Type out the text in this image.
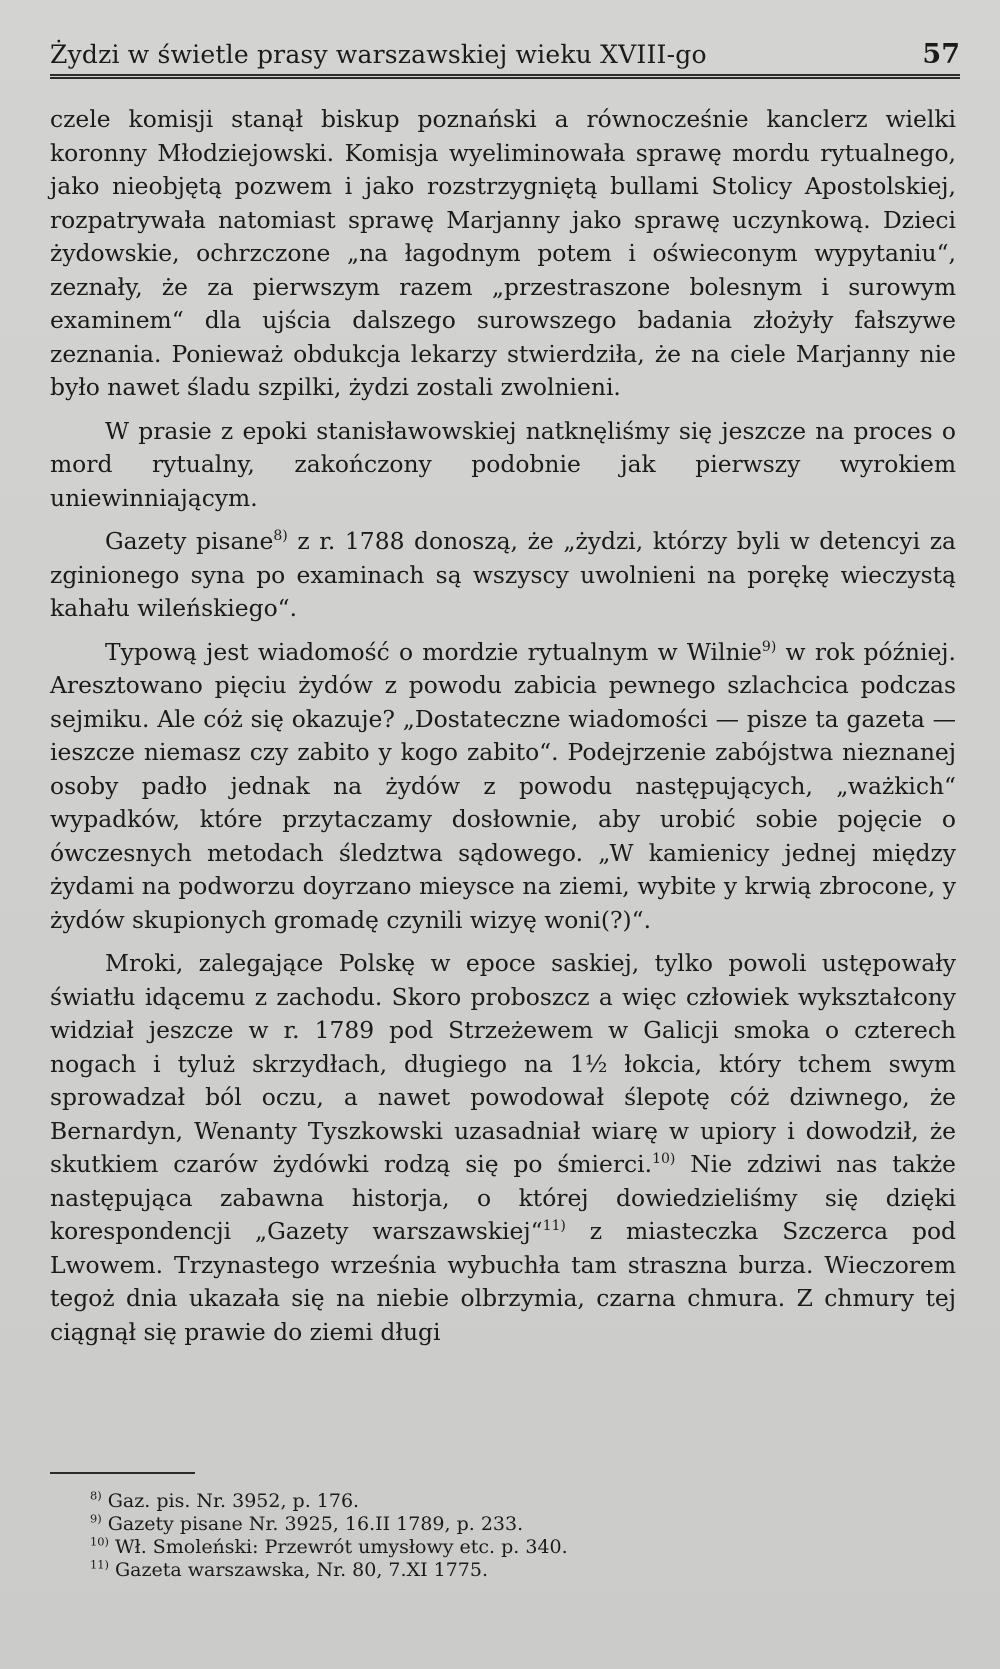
Żydzi w świetle prasy warszawskiej wieku XVIII-go	57

czele komisji stanął biskup poznański a równocześnie kanclerz wielki koronny Młodziejowski. Komisja wyeliminowała sprawę mordu rytualnego, jako nieobjętą pozwem i jako rozstrzygniętą bullami Stolicy Apostolskiej, rozpatrywała natomiast sprawę Marjanny jako sprawę uczynkową. Dzieci żydowskie, ochrzczone „na łagodnym potem i oświeconym wypytaniu“, zeznały, że za pierwszym razem „przestraszone bolesnym i surowym examinem“ dla ujścia dalszego surowszego badania złożyły fałszywe zeznania. Ponieważ obdukcja lekarzy stwierdziła, że na ciele Marjanny nie było nawet śladu szpilki, żydzi zostali zwolnieni.

W prasie z epoki stanisławowskiej natknęliśmy się jeszcze na proces o mord rytualny, zakończony podobnie jak pierwszy wyrokiem uniewinniającym.

Gazety pisane$^{8)}$ z r. 1788 donoszą, że „żydzi, którzy byli w detencyi za zginionego syna po examinach są wszyscy uwolnieni na porękę wieczystą kahału wileńskiego“.

Typową jest wiadomość o mordzie rytualnym w Wilnie$^{9)}$ w rok później. Aresztowano pięciu żydów z powodu zabicia pewnego szlachcica podczas sejmiku. Ale cóż się okazuje? „Dostateczne wiadomości — pisze ta gazeta — ieszcze niemasz czy zabito y kogo zabito“. Podejrzenie zabójstwa nieznanej osoby padło jednak na żydów z powodu następujących, „ważkich“ wypadków, które przytaczamy dosłownie, aby urobić sobie pojęcie o ówczesnych metodach śledztwa sądowego. „W kamienicy jednej między żydami na podworzu doyrzano mieysce na ziemi, wybite y krwią zbrocone, y żydów skupionych gromadę czynili wizyę woni(?)“.

Mroki, zalegające Polskę w epoce saskiej, tylko powoli ustępowały światłu idącemu z zachodu. Skoro proboszcz a więc człowiek wykształcony widział jeszcze w r. 1789 pod Strzeżewem w Galicji smoka o czterech nogach i tyluż skrzydłach, długiego na 1½ łokcia, który tchem swym sprowadzał ból oczu, a nawet powodował ślepotę cóż dziwnego, że Bernardyn, Wenanty Tyszkowski uzasadniał wiarę w upiory i dowodził, że skutkiem czarów żydówki rodzą się po śmierci.$^{10)}$ Nie zdziwi nas także następująca zabawna historja, o której dowiedzieliśmy się dzięki korespondencji „Gazety warszawskiej“$^{11)}$ z miasteczka Szczerca pod Lwowem. Trzynastego września wybuchła tam straszna burza. Wieczorem tegoż dnia ukazała się na niebie olbrzymia, czarna chmura. Z chmury tej ciągnął się prawie do ziemi długi

$^{8)}$ Gaz. pis. Nr. 3952, p. 176.
$^{9)}$ Gazety pisane Nr. 3925, 16.II 1789, p. 233.
$^{10)}$ Wł. Smoleński: Przewrót umysłowy etc. p. 340.
$^{11)}$ Gazeta warszawska, Nr. 80, 7.XI 1775.
